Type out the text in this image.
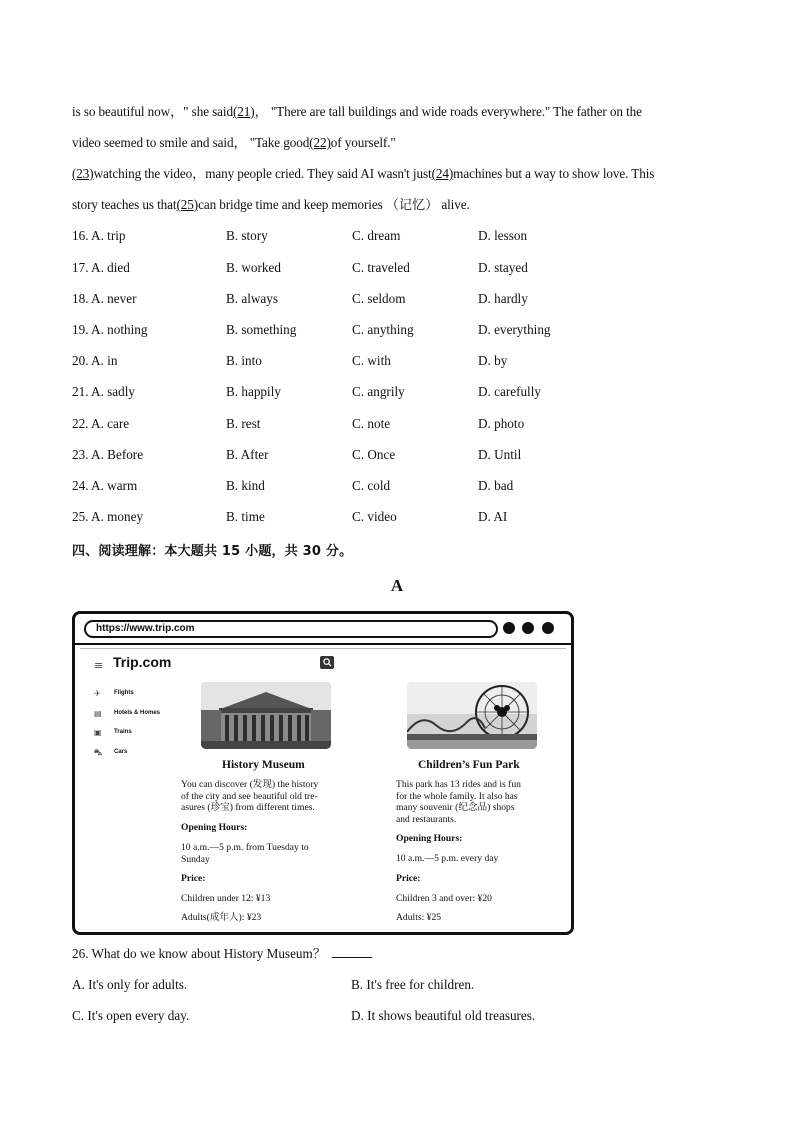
is so beautiful now，" she said(21)， "There are tall buildings and wide roads everywhere." The father on the
video seemed to smile and said， "Take good(22)of yourself."
(23)watching the video，many people cried. They said AI wasn't just(24)machines but a way to show love. This
story teaches us that(25)can bridge time and keep memories （记忆） alive.
16. A. trip	B. story	C. dream	D. lesson
17. A. died	B. worked	C. traveled	D. stayed
18. A. never	B. always	C. seldom	D. hardly
19. A. nothing	B. something	C. anything	D. everything
20. A. in	B. into	C. with	D. by
21. A. sadly	B. happily	C. angrily	D. carefully
22. A. care	B. rest	C. note	D. photo
23. A. Before	B. After	C. Once	D. Until
24. A. warm	B. kind	C. cold	D. bad
25. A. money	B. time	C. video	D. AI
四、阅读理解：本大题共 15 小题，共 30 分。
A
https://www.trip.com
≡ Trip.com
✈ Flights
▤ Hotels & Homes
▣ Trains
⛍ Cars
History Museum
You can discover (发现) the history
of the city and see beautiful old tre-
asures (珍宝) from different times.
Opening Hours:
10 a.m.—5 p.m. from Tuesday to
Sunday
Price:
Children under 12: ¥13
Adults(成年人): ¥23
Children’s Fun Park
This park has 13 rides and is fun
for the whole family. It also has
many souvenir (纪念品) shops
and restaurants.
Opening Hours:
10 a.m.—5 p.m. every day
Price:
Children 3 and over: ¥20
Adults: ¥25
26. What do we know about History Museum？
A. It's only for adults.	B. It's free for children.
C. It's open every day.	D. It shows beautiful old treasures.
